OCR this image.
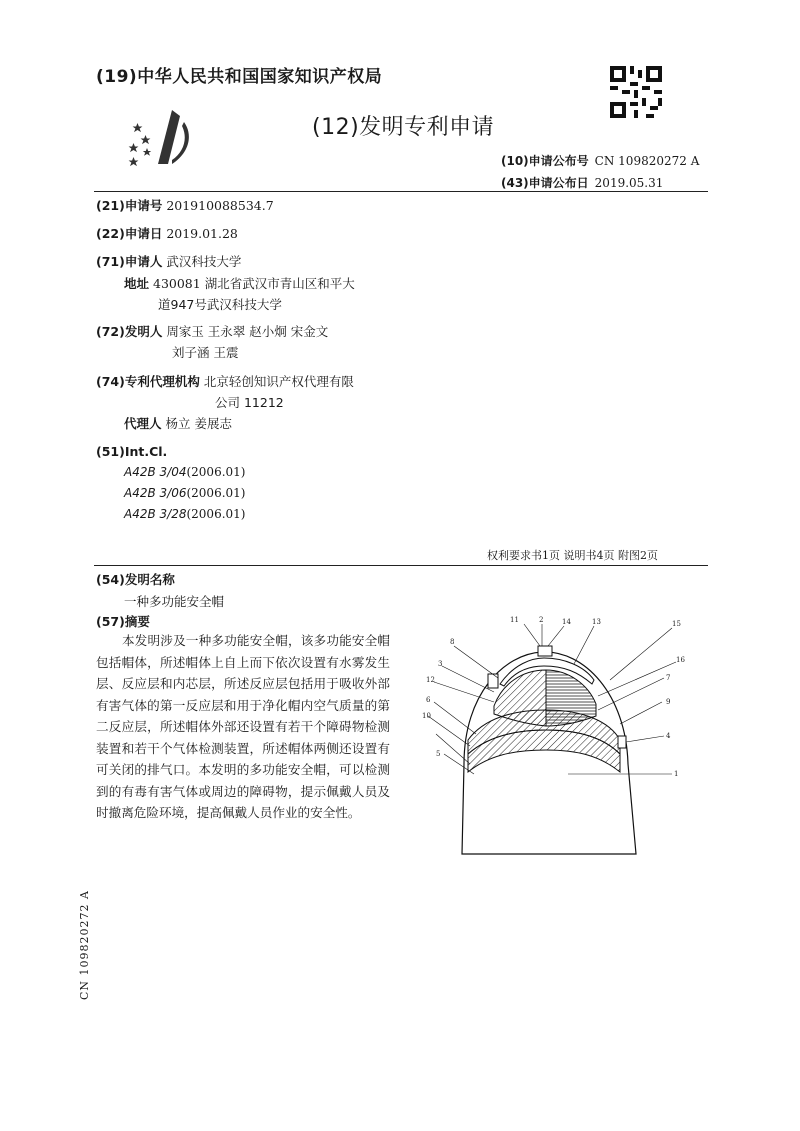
(19)中华人民共和国国家知识产权局
(12)发明专利申请
(10)申请公布号 CN 109820272 A
(43)申请公布日 2019.05.31
(21)申请号 201910088534.7
(22)申请日 2019.01.28
(71)申请人 武汉科技大学
地址 430081 湖北省武汉市青山区和平大
道947号武汉科技大学
(72)发明人 周家玉 王永翠 赵小炯 宋金文
刘子涵 王震
(74)专利代理机构 北京轻创知识产权代理有限
公司 11212
代理人 杨立 姜展志
(51)Int.Cl.
A42B 3/04(2006.01)
A42B 3/06(2006.01)
A42B 3/28(2006.01)
权利要求书1页 说明书4页 附图2页
(54)发明名称
一种多功能安全帽
(57)摘要
本发明涉及一种多功能安全帽，该多功能安全帽包括帽体，所述帽体上自上而下依次设置有水雾发生层、反应层和内芯层，所述反应层包括用于吸收外部有害气体的第一反应层和用于净化帽内空气质量的第二反应层，所述帽体外部还设置有若干个障碍物检测装置和若干个气体检测装置，所述帽体两侧还设置有可关闭的排气口。本发明的多功能安全帽，可以检测到的有毒有害气体或周边的障碍物，提示佩戴人员及时撤离危险环境，提高佩戴人员作业的安全性。
11	2	14	13	15
8
3	16
12	7
9
6
10
4
5
1
CN 109820272 A
